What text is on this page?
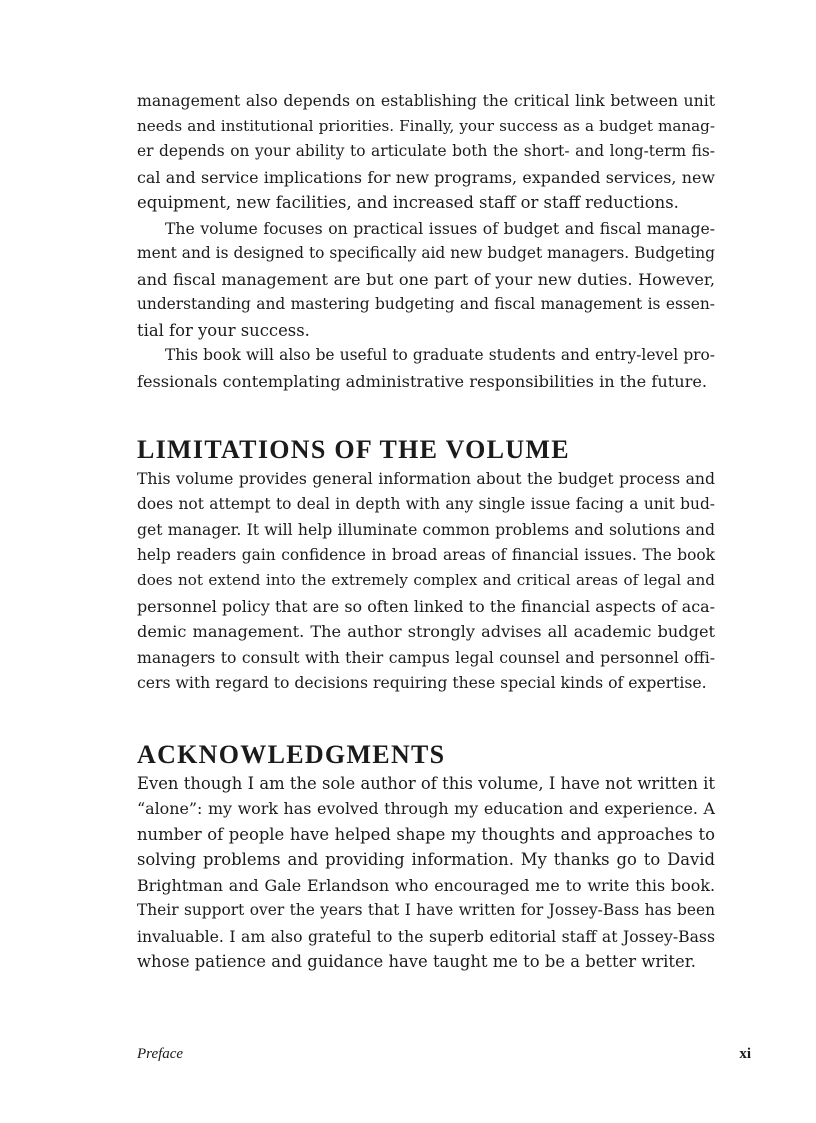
management also depends on establishing the critical link between unit
needs and institutional priorities. Finally, your success as a budget manag-
er depends on your ability to articulate both the short- and long-term fis-
cal and service implications for new programs, expanded services, new
equipment, new facilities, and increased staff or staff reductions.
The volume focuses on practical issues of budget and fiscal manage-
ment and is designed to specifically aid new budget managers. Budgeting
and fiscal management are but one part of your new duties. However,
understanding and mastering budgeting and fiscal management is essen-
tial for your success.
This book will also be useful to graduate students and entry-level pro-
fessionals contemplating administrative responsibilities in the future.
LIMITATIONS OF THE VOLUME
This volume provides general information about the budget process and
does not attempt to deal in depth with any single issue facing a unit bud-
get manager. It will help illuminate common problems and solutions and
help readers gain confidence in broad areas of financial issues. The book
does not extend into the extremely complex and critical areas of legal and
personnel policy that are so often linked to the financial aspects of aca-
demic management. The author strongly advises all academic budget
managers to consult with their campus legal counsel and personnel offi-
cers with regard to decisions requiring these special kinds of expertise.
ACKNOWLEDGMENTS
Even though I am the sole author of this volume, I have not written it
“alone”: my work has evolved through my education and experience. A
number of people have helped shape my thoughts and approaches to
solving problems and providing information. My thanks go to David
Brightman and Gale Erlandson who encouraged me to write this book.
Their support over the years that I have written for Jossey-Bass has been
invaluable. I am also grateful to the superb editorial staff at Jossey-Bass
whose patience and guidance have taught me to be a better writer.
Preface	xi
